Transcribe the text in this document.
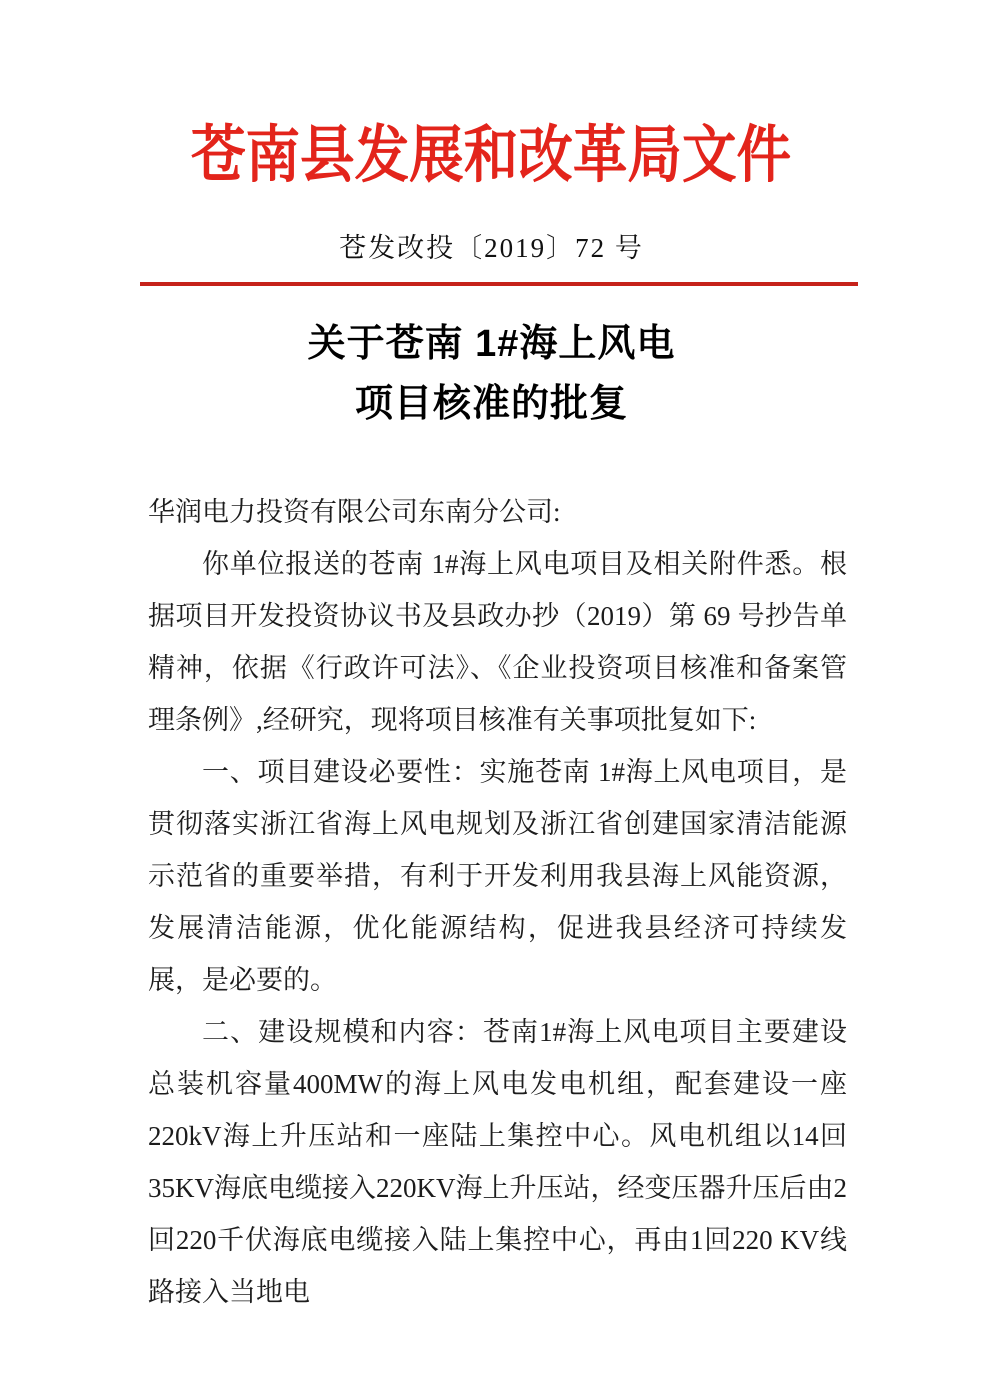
苍南县发展和改革局文件
苍发改投〔2019〕72 号
关于苍南 1#海上风电
项目核准的批复

华润电力投资有限公司东南分公司:

你单位报送的苍南 1#海上风电项目及相关附件悉。根据项目开发投资协议书及县政办抄（2019）第 69 号抄告单精神，依据《行政许可法》、《企业投资项目核准和备案管理条例》,经研究，现将项目核准有关事项批复如下:

一、项目建设必要性：实施苍南 1#海上风电项目，是贯彻落实浙江省海上风电规划及浙江省创建国家清洁能源示范省的重要举措，有利于开发利用我县海上风能资源，发展清洁能源，优化能源结构，促进我县经济可持续发展，是必要的。

二、建设规模和内容：苍南1#海上风电项目主要建设总装机容量400MW的海上风电发电机组，配套建设一座220kV海上升压站和一座陆上集控中心。风电机组以14回35KV海底电缆接入220KV海上升压站，经变压器升压后由2回220千伏海底电缆接入陆上集控中心，再由1回220 KV线路接入当地电
